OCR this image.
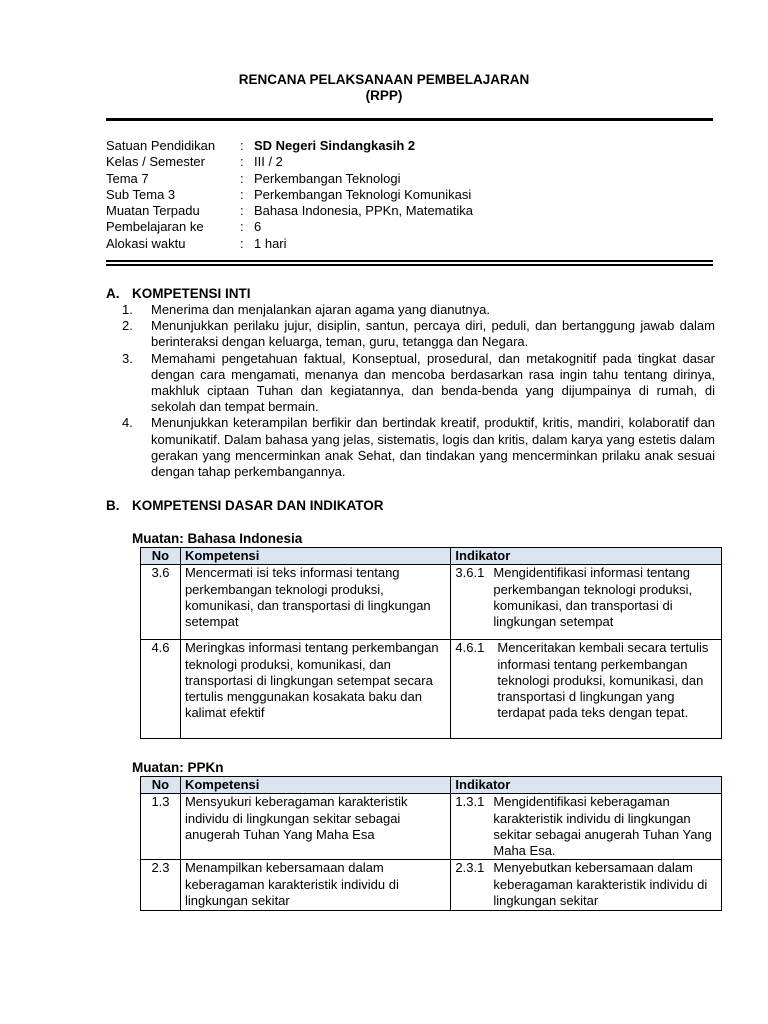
RENCANA PELAKSANAAN PEMBELAJARAN
(RPP)
Satuan Pendidikan	: SD Negeri Sindangkasih 2
Kelas / Semester	: III / 2
Tema 7	: Perkembangan Teknologi
Sub Tema 3	: Perkembangan Teknologi Komunikasi
Muatan Terpadu	: Bahasa Indonesia, PPKn, Matematika
Pembelajaran ke	: 6
Alokasi waktu	: 1 hari
A. KOMPETENSI INTI
1.	Menerima dan menjalankan ajaran agama yang dianutnya.
2.	Menunjukkan perilaku jujur, disiplin, santun, percaya diri, peduli, dan bertanggung jawab dalam berinteraksi dengan keluarga, teman, guru, tetangga dan Negara.
3.	Memahami pengetahuan faktual, Konseptual, prosedural, dan metakognitif pada tingkat dasar dengan cara mengamati, menanya dan mencoba berdasarkan rasa ingin tahu tentang dirinya, makhluk ciptaan Tuhan dan kegiatannya, dan benda-benda yang dijumpainya di rumah, di sekolah dan tempat bermain.
4.	Menunjukkan keterampilan berfikir dan bertindak kreatif, produktif, kritis, mandiri, kolaboratif dan komunikatif. Dalam bahasa yang jelas, sistematis, logis dan kritis, dalam karya yang estetis dalam gerakan yang mencerminkan anak Sehat, dan tindakan yang mencerminkan prilaku anak sesuai dengan tahap perkembangannya.
B. KOMPETENSI DASAR DAN INDIKATOR
Muatan: Bahasa Indonesia
No	Kompetensi	Indikator
3.6	Mencermati isi teks informasi tentang perkembangan teknologi produksi, komunikasi, dan transportasi di lingkungan setempat	3.6.1 Mengidentifikasi informasi tentang perkembangan teknologi produksi, komunikasi, dan transportasi di lingkungan setempat

4.6	Meringkas informasi tentang perkembangan teknologi produksi, komunikasi, dan transportasi di lingkungan setempat secara tertulis menggunakan kosakata baku dan kalimat efektif	4.6.1 Menceritakan kembali secara tertulis informasi tentang perkembangan teknologi produksi, komunikasi, dan transportasi d lingkungan yang terdapat pada teks dengan tepat.
Muatan: PPKn
No	Kompetensi	Indikator
1.3	Mensyukuri keberagaman karakteristik individu di lingkungan sekitar sebagai anugerah Tuhan Yang Maha Esa	1.3.1 Mengidentifikasi keberagaman karakteristik individu di lingkungan sekitar sebagai anugerah Tuhan Yang Maha Esa.

2.3	Menampilkan kebersamaan dalam keberagaman karakteristik individu di lingkungan sekitar	2.3.1 Menyebutkan kebersamaan dalam keberagaman karakteristik individu di lingkungan sekitar
